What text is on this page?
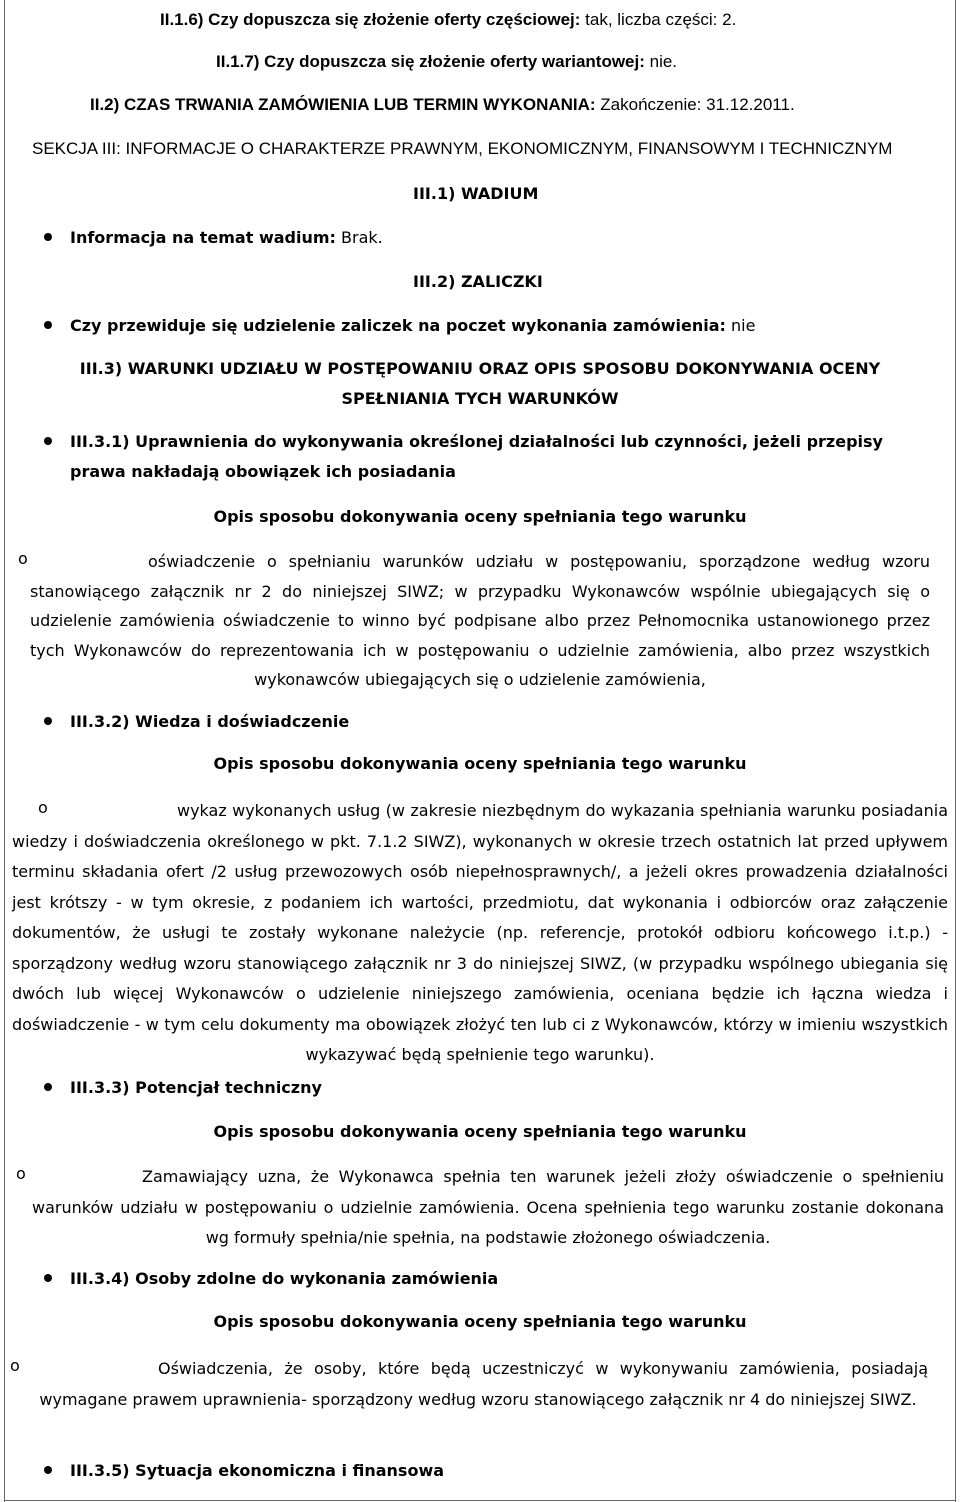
II.1.6) Czy dopuszcza się złożenie oferty częściowej: tak, liczba części: 2.
II.1.7) Czy dopuszcza się złożenie oferty wariantowej: nie.
II.2) CZAS TRWANIA ZAMÓWIENIA LUB TERMIN WYKONANIA: Zakończenie: 31.12.2011.
SEKCJA III: INFORMACJE O CHARAKTERZE PRAWNYM, EKONOMICZNYM, FINANSOWYM I TECHNICZNYM
III.1) WADIUM
Informacja na temat wadium: Brak.
III.2) ZALICZKI
Czy przewiduje się udzielenie zaliczek na poczet wykonania zamówienia: nie
III.3) WARUNKI UDZIAŁU W POSTĘPOWANIU ORAZ OPIS SPOSOBU DOKONYWANIA OCENY
SPEŁNIANIA TYCH WARUNKÓW
III.3.1) Uprawnienia do wykonywania określonej działalności lub czynności, jeżeli przepisy
prawa nakładają obowiązek ich posiadania
Opis sposobu dokonywania oceny spełniania tego warunku
o	oświadczenie o spełnianiu warunków udziału w postępowaniu, sporządzone według wzoru stanowiącego załącznik nr 2 do niniejszej SIWZ; w przypadku Wykonawców wspólnie ubiegających się o udzielenie zamówienia oświadczenie to winno być podpisane albo przez Pełnomocnika ustanowionego przez tych Wykonawców do reprezentowania ich w postępowaniu o udzielnie zamówienia, albo przez wszystkich wykonawców ubiegających się o udzielenie zamówienia,
III.3.2) Wiedza i doświadczenie
Opis sposobu dokonywania oceny spełniania tego warunku
o	wykaz wykonanych usług (w zakresie niezbędnym do wykazania spełniania warunku posiadania wiedzy i doświadczenia określonego w pkt. 7.1.2 SIWZ), wykonanych w okresie trzech ostatnich lat przed upływem terminu składania ofert /2 usług przewozowych osób niepełnosprawnych/, a jeżeli okres prowadzenia działalności jest krótszy - w tym okresie, z podaniem ich wartości, przedmiotu, dat wykonania i odbiorców oraz załączenie dokumentów, że usługi te zostały wykonane należycie (np. referencje, protokół odbioru końcowego i.t.p.) - sporządzony według wzoru stanowiącego załącznik nr 3 do niniejszej SIWZ, (w przypadku wspólnego ubiegania się dwóch lub więcej Wykonawców o udzielenie niniejszego zamówienia, oceniana będzie ich łączna wiedza i doświadczenie - w tym celu dokumenty ma obowiązek złożyć ten lub ci z Wykonawców, którzy w imieniu wszystkich wykazywać będą spełnienie tego warunku).
III.3.3) Potencjał techniczny
Opis sposobu dokonywania oceny spełniania tego warunku
o	Zamawiający uzna, że Wykonawca spełnia ten warunek jeżeli złoży oświadczenie o spełnieniu warunków udziału w postępowaniu o udzielnie zamówienia. Ocena spełnienia tego warunku zostanie dokonana wg formuły spełnia/nie spełnia, na podstawie złożonego oświadczenia.
III.3.4) Osoby zdolne do wykonania zamówienia
Opis sposobu dokonywania oceny spełniania tego warunku
o	Oświadczenia, że osoby, które będą uczestniczyć w wykonywaniu zamówienia, posiadają wymagane prawem uprawnienia- sporządzony według wzoru stanowiącego załącznik nr 4 do niniejszej SIWZ.
III.3.5) Sytuacja ekonomiczna i finansowa
